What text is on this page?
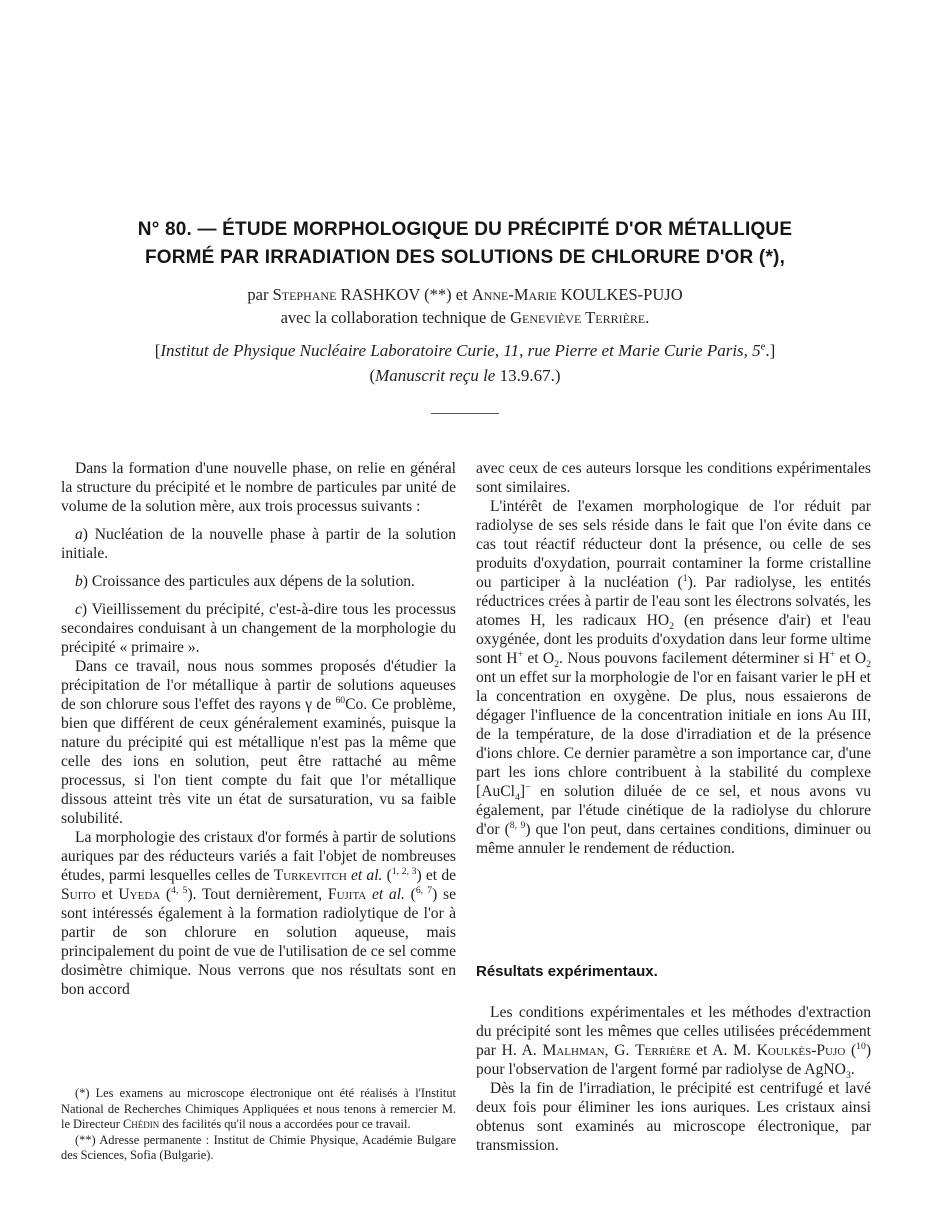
N° 80. — ÉTUDE MORPHOLOGIQUE DU PRÉCIPITÉ D'OR MÉTALLIQUE
FORMÉ PAR IRRADIATION DES SOLUTIONS DE CHLORURE D'OR (*),
par Stephane RASHKOV (**) et Anne-Marie KOULKES-PUJO
avec la collaboration technique de Geneviève Terrière.
[Institut de Physique Nucléaire Laboratoire Curie, 11, rue Pierre et Marie Curie Paris, 5e.]
(Manuscrit reçu le 13.9.67.)

Dans la formation d'une nouvelle phase, on relie en général la structure du précipité et le nombre de particules par unité de volume de la solution mère, aux trois processus suivants :

a) Nucléation de la nouvelle phase à partir de la solution initiale.

b) Croissance des particules aux dépens de la solution.

c) Vieillissement du précipité, c'est-à-dire tous les processus secondaires conduisant à un changement de la morphologie du précipité « primaire ».

Dans ce travail, nous nous sommes proposés d'étudier la précipitation de l'or métallique à partir de solutions aqueuses de son chlorure sous l'effet des rayons γ de $^{60}$Co. Ce problème, bien que différent de ceux généralement examinés, puisque la nature du précipité qui est métallique n'est pas la même que celle des ions en solution, peut être rattaché au même processus, si l'on tient compte du fait que l'or métallique dissous atteint très vite un état de sursaturation, vu sa faible solubilité.

La morphologie des cristaux d'or formés à partir de solutions auriques par des réducteurs variés a fait l'objet de nombreuses études, parmi lesquelles celles de Turkevitch et al. ($^{1, 2, 3}$) et de Suito et Uyeda ($^{4, 5}$). Tout dernièrement, Fujita et al. ($^{6, 7}$) se sont intéressés également à la formation radiolytique de l'or à partir de son chlorure en solution aqueuse, mais principalement du point de vue de l'utilisation de ce sel comme dosimètre chimique. Nous verrons que nos résultats sont en bon accord

avec ceux de ces auteurs lorsque les conditions expérimentales sont similaires.

L'intérêt de l'examen morphologique de l'or réduit par radiolyse de ses sels réside dans le fait que l'on évite dans ce cas tout réactif réducteur dont la présence, ou celle de ses produits d'oxydation, pourrait contaminer la forme cristalline ou participer à la nucléation ($^1$). Par radiolyse, les entités réductrices crées à partir de l'eau sont les électrons solvatés, les atomes H, les radicaux $HO_2$ (en présence d'air) et l'eau oxygénée, dont les produits d'oxydation dans leur forme ultime sont H+ et $O_2$. Nous pouvons facilement déterminer si H+ et $O_2$ ont un effet sur la morphologie de l'or en faisant varier le pH et la concentration en oxygène. De plus, nous essaierons de dégager l'influence de la concentration initiale en ions Au III, de la température, de la dose d'irradiation et de la présence d'ions chlore. Ce dernier paramètre a son importance car, d'une part les ions chlore contribuent à la stabilité du complexe [AuCl$_4$]− en solution diluée de ce sel, et nous avons vu également, par l'étude cinétique de la radiolyse du chlorure d'or ($^{8, 9}$) que l'on peut, dans certaines conditions, diminuer ou même annuler le rendement de réduction.

Résultats expérimentaux.

Les conditions expérimentales et les méthodes d'extraction du précipité sont les mêmes que celles utilisées précédemment par H. A. Malhman, G. Terrière et A. M. Koulkès-Pujo ($^{10}$) pour l'observation de l'argent formé par radiolyse de AgNO$_3$.

Dès la fin de l'irradiation, le précipité est centrifugé et lavé deux fois pour éliminer les ions auriques. Les cristaux ainsi obtenus sont examinés au microscope électronique, par transmission.

(*) Les examens au microscope électronique ont été réalisés à l'Institut National de Recherches Chimiques Appliquées et nous tenons à remercier M. le Directeur Chédin des facilités qu'il nous a accordées pour ce travail.

(**) Adresse permanente : Institut de Chimie Physique, Académie Bulgare des Sciences, Sofia (Bulgarie).
